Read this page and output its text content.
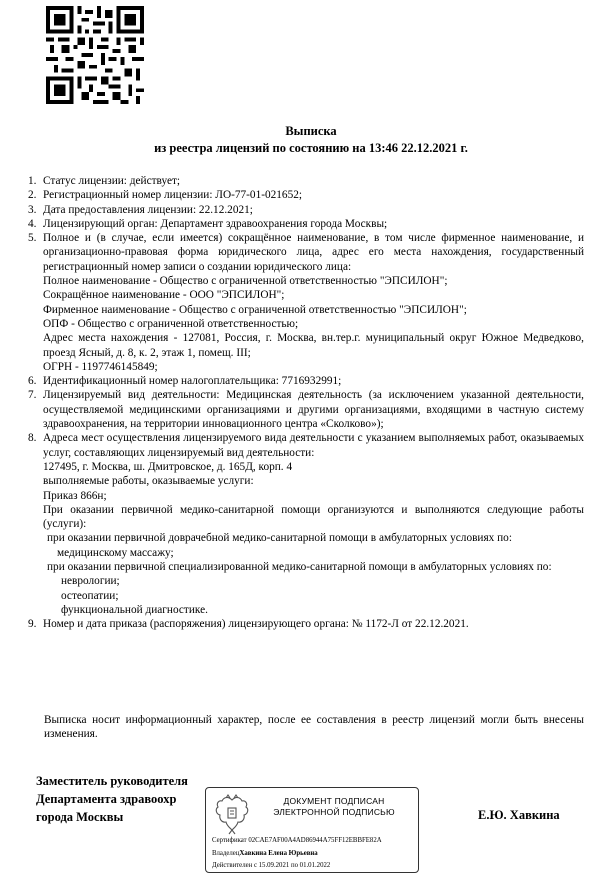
Выписка
из реестра лицензий по состоянию на 13:46 22.12.2021 г.
1. Статус лицензии: действует;
2. Регистрационный номер лицензии: ЛО-77-01-021652;
3. Дата предоставления лицензии: 22.12.2021;
4. Лицензирующий орган: Департамент здравоохранения города Москвы;
5. Полное и (в случае, если имеется) сокращённое наименование, в том числе фирменное наименование, и организационно-правовая форма юридического лица, адрес его места нахождения, государственный регистрационный номер записи о создании юридического лица:
Полное наименование - Общество с ограниченной ответственностью "ЭПСИЛОН";
Сокращённое наименование - ООО "ЭПСИЛОН";
Фирменное наименование - Общество с ограниченной ответственностью "ЭПСИЛОН";
ОПФ - Общество с ограниченной ответственностью;
Адрес места нахождения - 127081, Россия, г. Москва, вн.тер.г. муниципальный округ Южное Медведково, проезд Ясный, д. 8, к. 2, этаж 1, помещ. III;
ОГРН - 1197746145849;
6. Идентификационный номер налогоплательщика: 7716932991;
7. Лицензируемый вид деятельности: Медицинская деятельность (за исключением указанной деятельности, осуществляемой медицинскими организациями и другими организациями, входящими в частную систему здравоохранения, на территории инновационного центра «Сколково»);
8. Адреса мест осуществления лицензируемого вида деятельности с указанием выполняемых работ, оказываемых услуг, составляющих лицензируемый вид деятельности:
127495, г. Москва, ш. Дмитровское, д. 165Д, корп. 4
выполняемые работы, оказываемые услуги:
Приказ 866н;
При оказании первичной медико-санитарной помощи организуются и выполняются следующие работы (услуги):
при оказании первичной доврачебной медико-санитарной помощи в амбулаторных условиях по:
медицинскому массажу;
при оказании первичной специализированной медико-санитарной помощи в амбулаторных условиях по:
неврологии;
остеопатии;
функциональной диагностике.
9. Номер и дата приказа (распоряжения) лицензирующего органа: № 1172-Л от 22.12.2021.
Выписка носит информационный характер, после ее составления в реестр лицензий могли быть внесены изменения.
Заместитель руководителя
Департамента здравоохр
города Москвы	Е.Ю. Хавкина
ДОКУМЕНТ ПОДПИСАН
ЭЛЕКТРОННОЙ ПОДПИСЬЮ
Сертификат 02CAE7AF00A4AD86944A75FF12EBBFE82A
ВладелецХавкина Елена Юрьевна
Действителен с 15.09.2021 по 01.01.2022
